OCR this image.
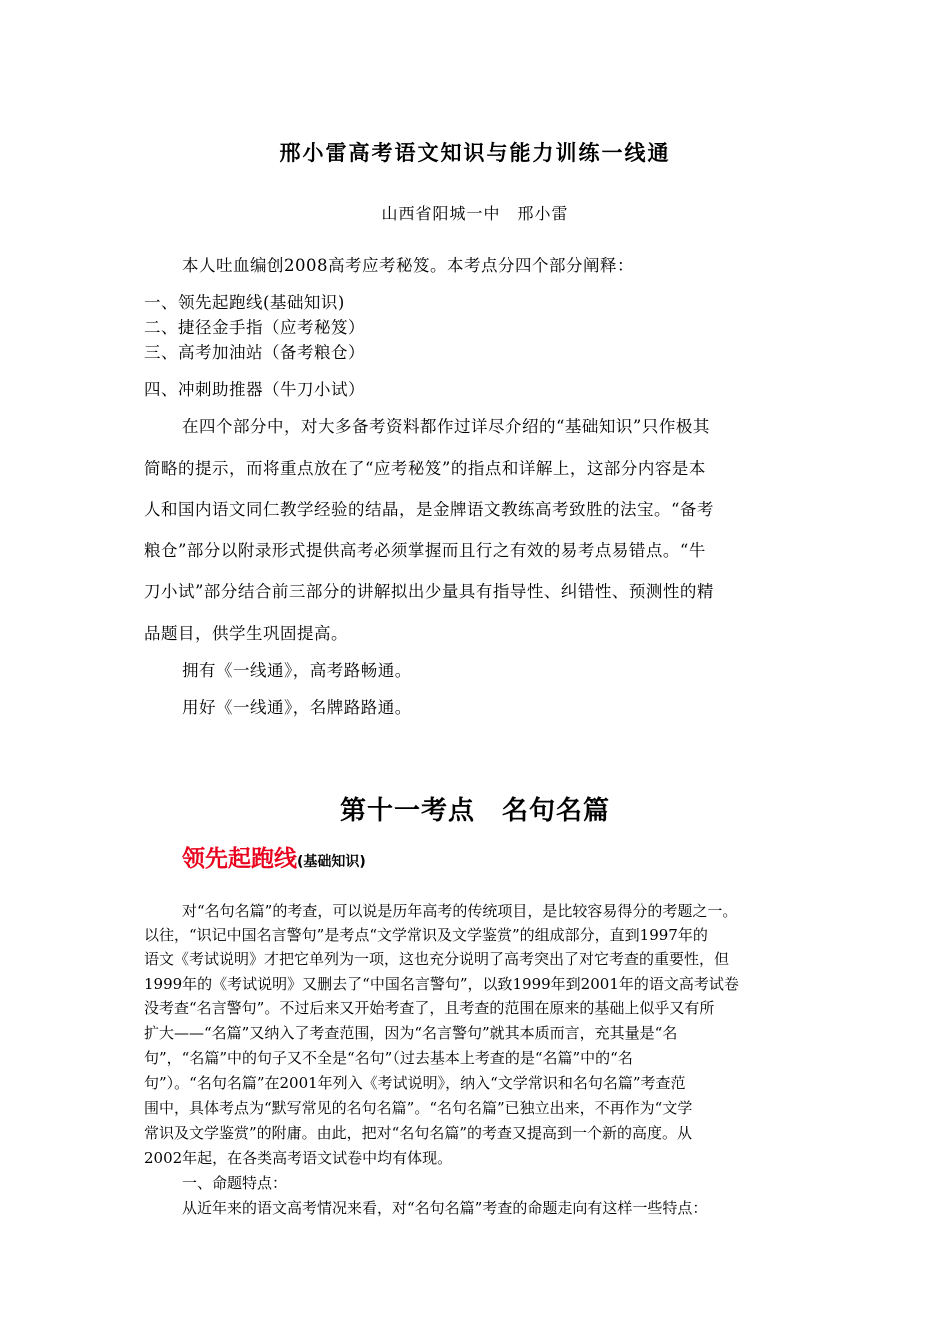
邢小雷高考语文知识与能力训练一线通
山西省阳城一中　邢小雷
本人吐血编创2008高考应考秘笈。本考点分四个部分阐释：
一、领先起跑线(基础知识)
二、捷径金手指（应考秘笈）
三、高考加油站（备考粮仓）
四、冲刺助推器（牛刀小试）
在四个部分中，对大多备考资料都作过详尽介绍的“基础知识”只作极其
简略的提示，而将重点放在了“应考秘笈”的指点和详解上，这部分内容是本
人和国内语文同仁教学经验的结晶，是金牌语文教练高考致胜的法宝。“备考
粮仓”部分以附录形式提供高考必须掌握而且行之有效的易考点易错点。“牛
刀小试”部分结合前三部分的讲解拟出少量具有指导性、纠错性、预测性的精
品题目，供学生巩固提高。
拥有《一线通》，高考路畅通。
用好《一线通》，名牌路路通。
第十一考点　名句名篇
领先起跑线(基础知识)
对“名句名篇”的考查，可以说是历年高考的传统项目，是比较容易得分的考题之一。
以往，“识记中国名言警句”是考点“文学常识及文学鉴赏”的组成部分，直到1997年的
语文《考试说明》才把它单列为一项，这也充分说明了高考突出了对它考查的重要性，但
1999年的《考试说明》又删去了“中国名言警句”，以致1999年到2001年的语文高考试卷
没考查“名言警句”。不过后来又开始考查了，且考查的范围在原来的基础上似乎又有所
扩大——“名篇”又纳入了考查范围，因为“名言警句”就其本质而言，充其量是“名
句”，“名篇”中的句子又不全是“名句”（过去基本上考查的是“名篇”中的“名
句”）。“名句名篇”在2001年列入《考试说明》，纳入“文学常识和名句名篇”考查范
围中，具体考点为“默写常见的名句名篇”。“名句名篇”已独立出来，不再作为“文学
常识及文学鉴赏”的附庸。由此，把对“名句名篇”的考查又提高到一个新的高度。从
2002年起，在各类高考语文试卷中均有体现。
一、命题特点：
从近年来的语文高考情况来看，对“名句名篇”考查的命题走向有这样一些特点：
